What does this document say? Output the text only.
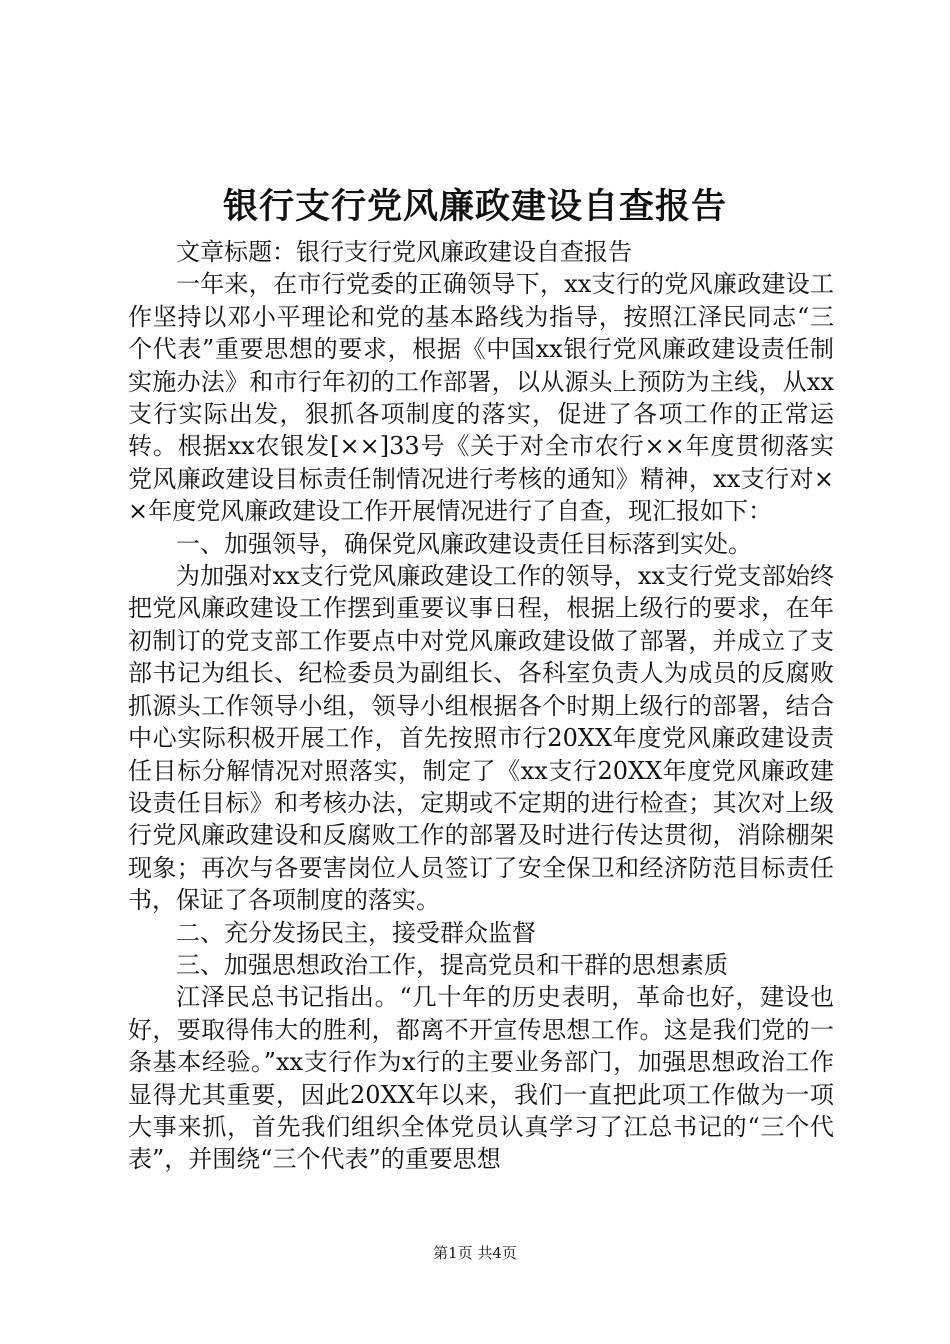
银行支行党风廉政建设自查报告

文章标题：银行支行党风廉政建设自查报告

一年来，在市行党委的正确领导下，xx支行的党风廉政建设工作坚持以邓小平理论和党的基本路线为指导，按照江泽民同志“三个代表”重要思想的要求，根据《中国xx银行党风廉政建设责任制实施办法》和市行年初的工作部署，以从源头上预防为主线，从xx支行实际出发，狠抓各项制度的落实，促进了各项工作的正常运转。根据xx农银发[××]33号《关于对全市农行××年度贯彻落实党风廉政建设目标责任制情况进行考核的通知》精神，xx支行对××年度党风廉政建设工作开展情况进行了自查，现汇报如下：

一、加强领导，确保党风廉政建设责任目标落到实处。

为加强对xx支行党风廉政建设工作的领导，xx支行党支部始终把党风廉政建设工作摆到重要议事日程，根据上级行的要求，在年初制订的党支部工作要点中对党风廉政建设做了部署，并成立了支部书记为组长、纪检委员为副组长、各科室负责人为成员的反腐败抓源头工作领导小组，领导小组根据各个时期上级行的部署，结合中心实际积极开展工作，首先按照市行20XX年度党风廉政建设责任目标分解情况对照落实，制定了《xx支行20XX年度党风廉政建设责任目标》和考核办法，定期或不定期的进行检查；其次对上级行党风廉政建设和反腐败工作的部署及时进行传达贯彻，消除棚架现象；再次与各要害岗位人员签订了安全保卫和经济防范目标责任书，保证了各项制度的落实。

二、充分发扬民主，接受群众监督

三、加强思想政治工作，提高党员和干群的思想素质

江泽民总书记指出。“几十年的历史表明，革命也好，建设也好，要取得伟大的胜利，都离不开宣传思想工作。这是我们党的一条基本经验。”xx支行作为x行的主要业务部门，加强思想政治工作显得尤其重要，因此20XX年以来，我们一直把此项工作做为一项大事来抓，首先我们组织全体党员认真学习了江总书记的“三个代表”，并围绕“三个代表”的重要思想

第1页 共4页
